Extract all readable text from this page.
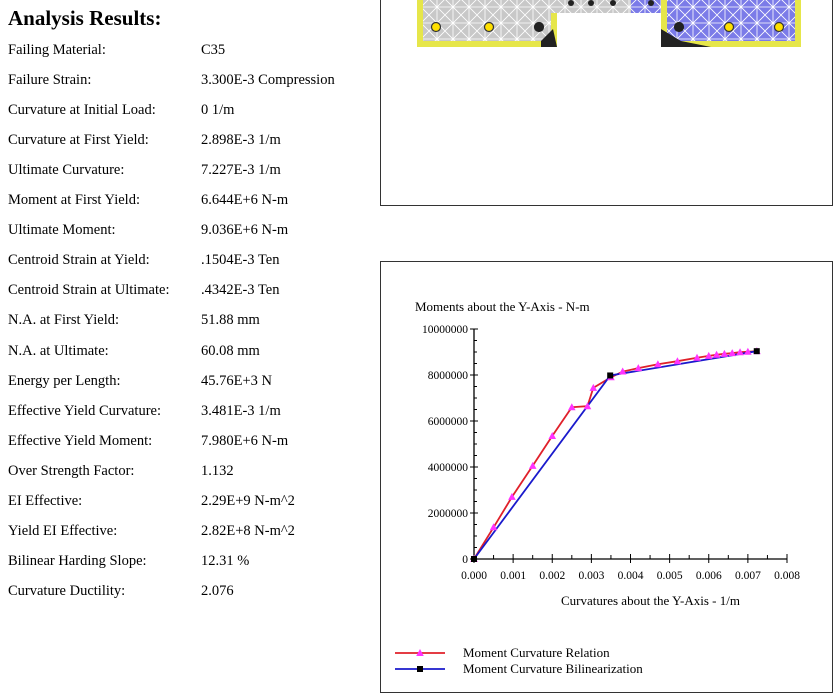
Analysis Results:
Failing Material:	C35
Failure Strain:	3.300E-3 Compression
Curvature at Initial Load:	0 1/m
Curvature at First Yield:	2.898E-3 1/m
Ultimate Curvature:	7.227E-3 1/m
Moment at First Yield:	6.644E+6 N-m
Ultimate Moment:	9.036E+6 N-m
Centroid Strain at Yield:	.1504E-3 Ten
Centroid Strain at Ultimate: .4342E-3 Ten
N.A. at First Yield:	51.88 mm
N.A. at Ultimate:	60.08 mm
Energy per Length:	45.76E+3 N
Effective Yield Curvature:	3.481E-3 1/m
Effective Yield Moment:	7.980E+6 N-m
Over Strength Factor:	1.132
EI Effective:	2.29E+9 N-m^2
Yield EI Effective:	2.82E+8 N-m^2
Bilinear Harding Slope:	12.31 %
Curvature Ductility:	2.076
Moments about the Y-Axis - N-m
0
2000000
4000000
6000000
8000000
10000000
0.000 0.001 0.002 0.003 0.004 0.005 0.006 0.007 0.008
Curvatures about the Y-Axis - 1/m
Moment Curvature Relation
Moment Curvature Bilinearization
